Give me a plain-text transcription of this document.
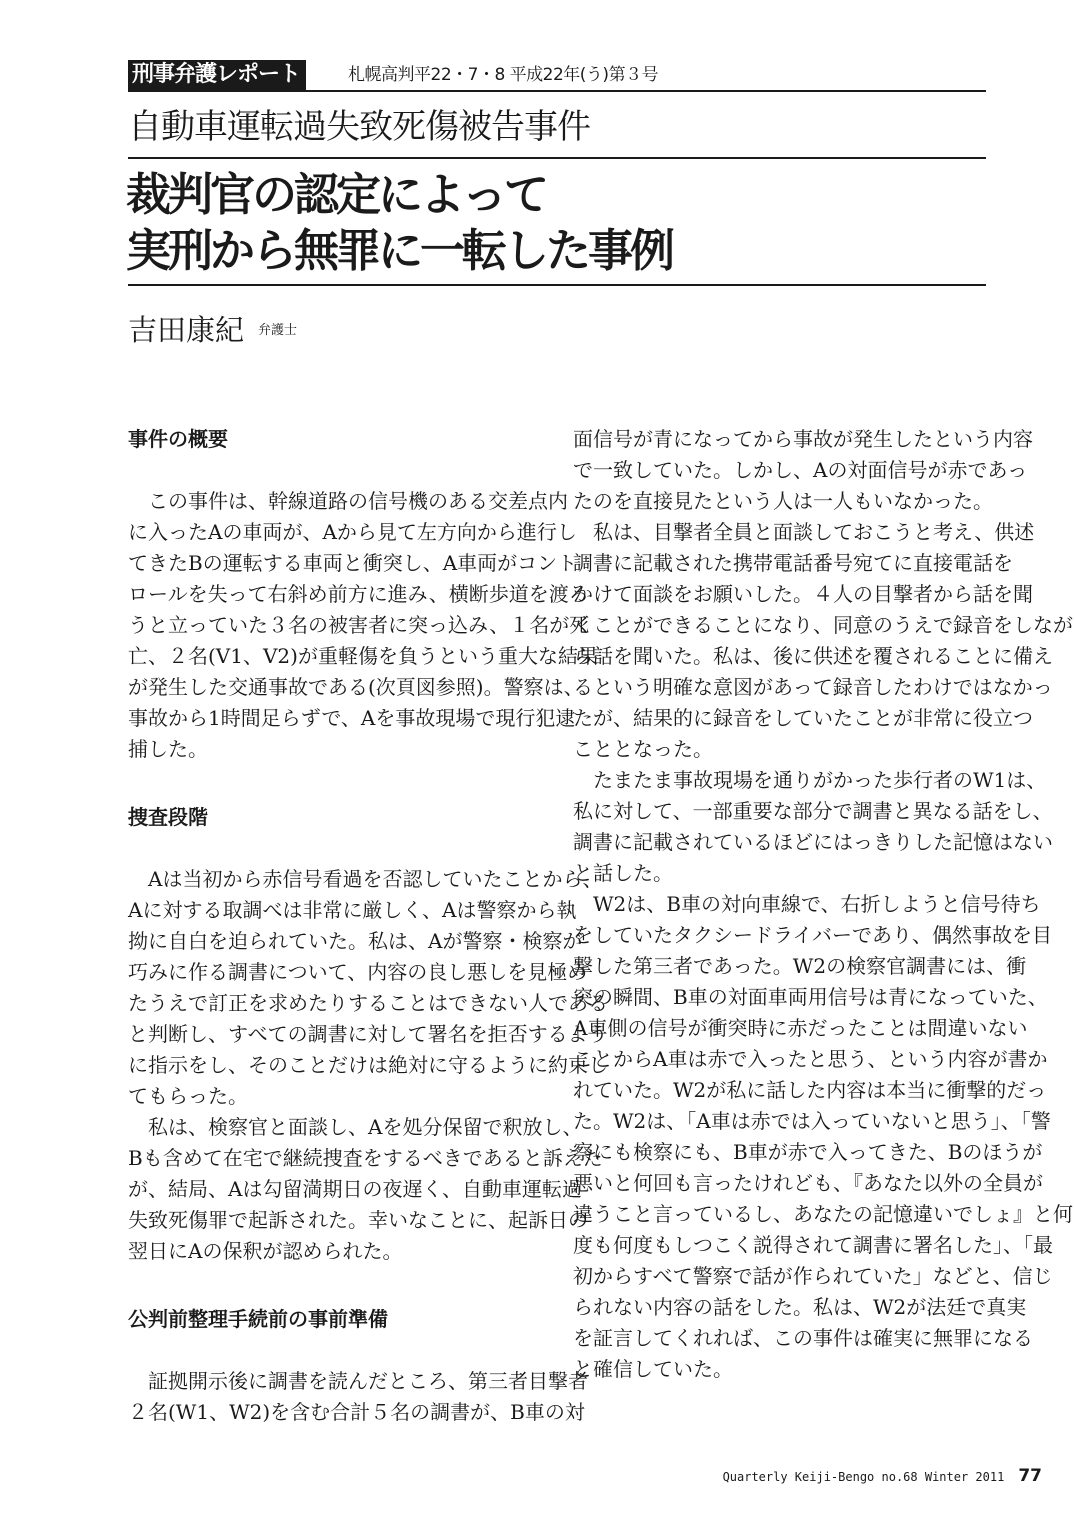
刑事弁護レポート	札幌高判平22・7・8 平成22年(う)第３号
自動車運転過失致死傷被告事件
裁判官の認定によって
実刑から無罪に一転した事例
吉田康紀 $^{弁護士}$
事件の概要
　この事件は、幹線道路の信号機のある交差点内
に入ったAの車両が、Aから見て左方向から進行し
てきたBの運転する車両と衝突し、A車両がコント
ロールを失って右斜め前方に進み、横断歩道を渡ろ
うと立っていた３名の被害者に突っ込み、１名が死
亡、２名(V1、V2)が重軽傷を負うという重大な結果
が発生した交通事故である(次頁図参照)。警察は、
事故から1時間足らずで、Aを事故現場で現行犯逮
捕した。
捜査段階
　Aは当初から赤信号看過を否認していたことから、
Aに対する取調べは非常に厳しく、Aは警察から執
拗に自白を迫られていた。私は、Aが警察・検察が
巧みに作る調書について、内容の良し悪しを見極め
たうえで訂正を求めたりすることはできない人である
と判断し、すべての調書に対して署名を拒否するよう
に指示をし、そのことだけは絶対に守るように約束し
てもらった。
　私は、検察官と面談し、Aを処分保留で釈放し、
Bも含めて在宅で継続捜査をするべきであると訴えた
が、結局、Aは勾留満期日の夜遅く、自動車運転過
失致死傷罪で起訴された。幸いなことに、起訴日の
翌日にAの保釈が認められた。
公判前整理手続前の事前準備
　証拠開示後に調書を読んだところ、第三者目撃者
２名(W1、W2)を含む合計５名の調書が、B車の対
面信号が青になってから事故が発生したという内容
で一致していた。しかし、Aの対面信号が赤であっ
たのを直接見たという人は一人もいなかった。
　私は、目撃者全員と面談しておこうと考え、供述
調書に記載された携帯電話番号宛てに直接電話を
かけて面談をお願いした。４人の目撃者から話を聞
くことができることになり、同意のうえで録音をしなが
ら話を聞いた。私は、後に供述を覆されることに備え
るという明確な意図があって録音したわけではなかっ
たが、結果的に録音をしていたことが非常に役立つ
こととなった。
　たまたま事故現場を通りがかった歩行者のW1は、
私に対して、一部重要な部分で調書と異なる話をし、
調書に記載されているほどにはっきりした記憶はない
と話した。
　W2は、B車の対向車線で、右折しようと信号待ち
をしていたタクシードライバーであり、偶然事故を目
撃した第三者であった。W2の検察官調書には、衝
突の瞬間、B車の対面車両用信号は青になっていた、
A車側の信号が衝突時に赤だったことは間違いない
ことからA車は赤で入ったと思う、という内容が書か
れていた。W2が私に話した内容は本当に衝撃的だっ
た。W2は、「A車は赤では入っていないと思う」、「警
察にも検察にも、B車が赤で入ってきた、Bのほうが
悪いと何回も言ったけれども、『あなた以外の全員が
違うこと言っているし、あなたの記憶違いでしょ』と何
度も何度もしつこく説得されて調書に署名した」、「最
初からすべて警察で話が作られていた」などと、信じ
られない内容の話をした。私は、W2が法廷で真実
を証言してくれれば、この事件は確実に無罪になる
と確信していた。
Quarterly Keiji-Bengo no.68 Winter 2011 77
